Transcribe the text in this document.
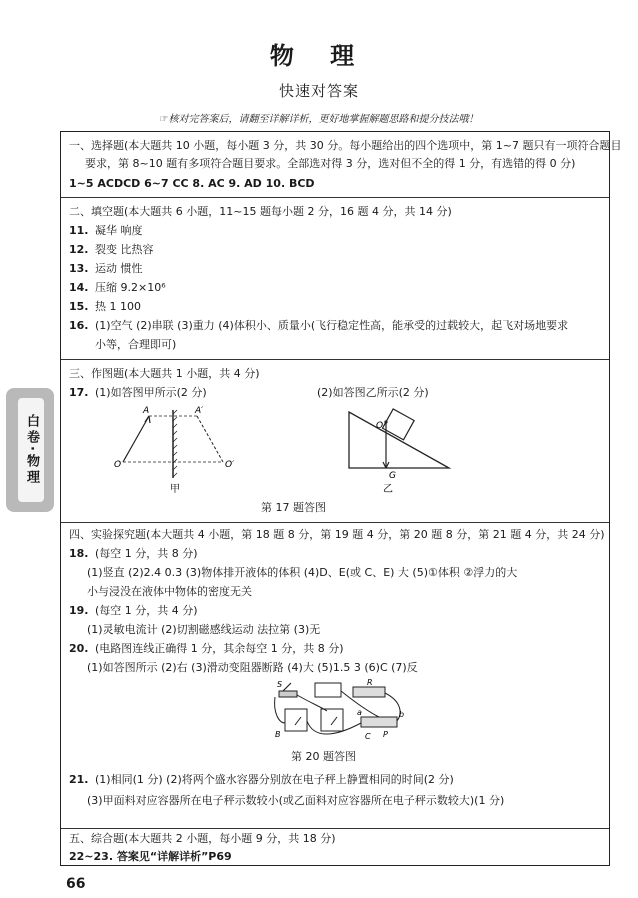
物 理
快速对答案
☞核对完答案后，请翻至详解详析，更好地掌握解题思路和提分技法哦！
白卷·物理
一、选择题(本大题共 10 小题，每小题 3 分，共 30 分。每小题给出的四个选项中，第 1~7 题只有一项符合题目
要求，第 8~10 题有多项符合题目要求。全部选对得 3 分，选对但不全的得 1 分，有选错的得 0 分)
1~5 ACDCD 6~7 CC 8. AC 9. AD 10. BCD
二、填空题(本大题共 6 小题，11~15 题每小题 2 分，16 题 4 分，共 14 分)
11. 凝华 响度
12. 裂变 比热容
13. 运动 惯性
14. 压缩 9.2×10⁶
15. 热 1 100
16. (1)空气 (2)串联 (3)重力 (4)体积小、质量小(飞行稳定性高，能承受的过载较大，起飞对场地要求
小等，合理即可)
三、作图题(本大题共 1 小题，共 4 分)
17. (1)如答图甲所示(2 分)	(2)如答图乙所示(2 分)
A	A′
O	O′
甲
O
G
乙
第 17 题答图
四、实验探究题(本大题共 4 小题，第 18 题 8 分，第 19 题 4 分，第 20 题 8 分，第 21 题 4 分，共 24 分)
18. (每空 1 分，共 8 分)
(1)竖直 (2)2.4 0.3 (3)物体排开液体的体积 (4)D、E(或 C、E) 大 (5)①体积 ②浮力的大
小与浸没在液体中物体的密度无关
19. (每空 1 分，共 4 分)
(1)灵敏电流计 (2)切割磁感线运动 法拉第 (3)无
20. (电路图连线正确得 1 分，其余每空 1 分，共 8 分)
(1)如答图所示 (2)右 (3)滑动变阻器断路 (4)大 (5)1.5 3 (6)C (7)反
R
S
a	b
B	C P
第 20 题答图
21. (1)相同(1 分) (2)将两个盛水容器分别放在电子秤上静置相同的时间(2 分)
(3)甲面料对应容器所在电子秤示数较小(或乙面料对应容器所在电子秤示数较大)(1 分)
五、综合题(本大题共 2 小题，每小题 9 分，共 18 分)
22~23. 答案见“详解详析”P69
66
